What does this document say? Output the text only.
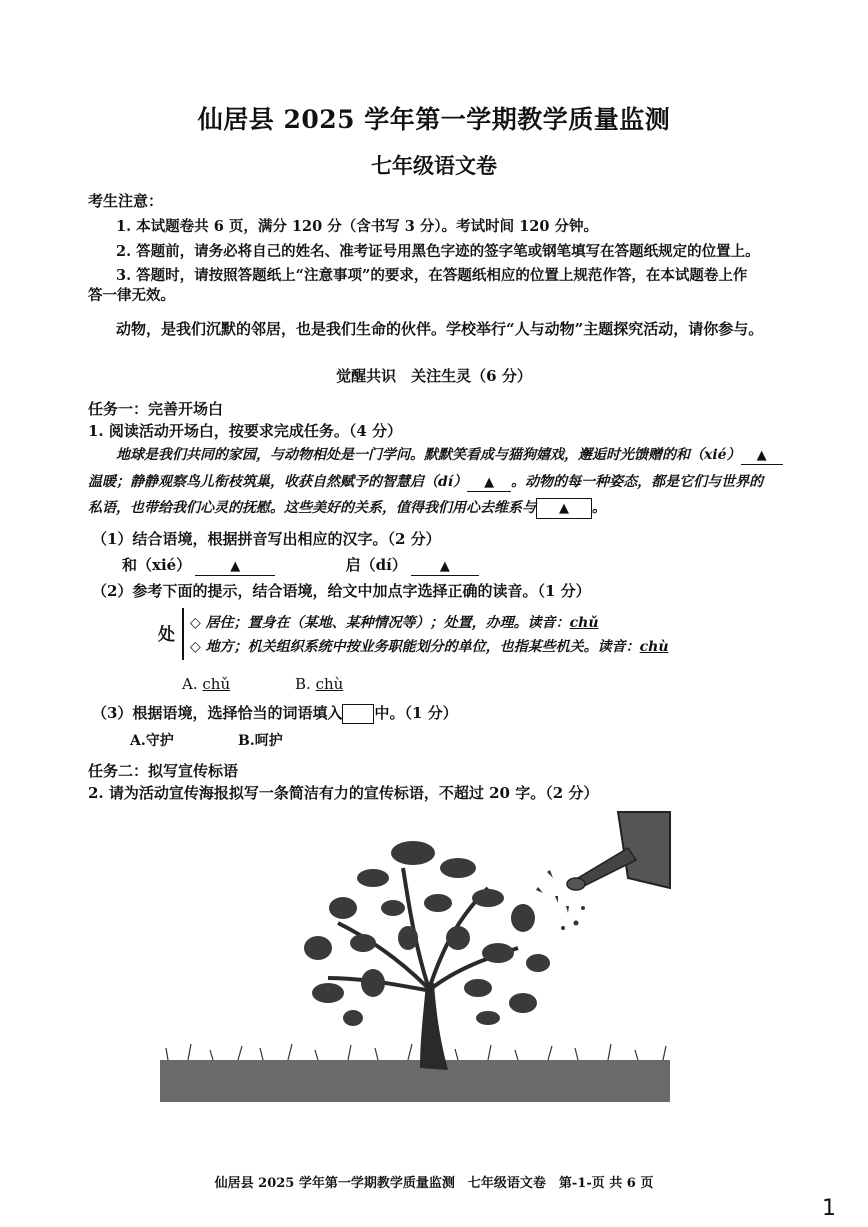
仙居县 2025 学年第一学期教学质量监测
七年级语文卷
考生注意：
1. 本试题卷共 6 页，满分 120 分（含书写 3 分）。考试时间 120 分钟。
2. 答题前，请务必将自己的姓名、准考证号用黑色字迹的签字笔或钢笔填写在答题纸规定的位置上。
3. 答题时，请按照答题纸上“注意事项”的要求，在答题纸相应的位置上规范作答，在本试题卷上作
答一律无效。
动物，是我们沉默的邻居，也是我们生命的伙伴。学校举行“人与动物”主题探究活动，请你参与。
觉醒共识　关注生灵（6 分）
任务一：完善开场白
1. 阅读活动开场白，按要求完成任务。（4 分）
地球是我们共同的家园，与动物相处是一门学问。默默笑看成与猫狗嬉戏，邂逅时光馈赠的和（xié） ▲
温暖；静静观察鸟儿衔枝筑巢，收获自然赋予的智慧启（dí） ▲ 。动物的每一种姿态，都是它们与世界的
私语，也带给我们心灵的抚慰。这些美好的关系，值得我们用心去维系与 ▲ 。
（1）结合语境，根据拼音写出相应的汉字。（2 分）
和（xié）	▲	启（dí）	▲
（2）参考下面的提示，结合语境，给文中加点字选择正确的读音。（1 分）
处
◇ 居住；置身在（某地、某种情况等）；处置，办理。读音：chǔ
◇ 地方；机关组织系统中按业务职能划分的单位，也指某些机关。读音：chù
A. chǔ	B. chù
（3）根据语境，选择恰当的词语填入 中。（1 分）
A.守护	B.呵护
任务二：拟写宣传标语
2. 请为活动宣传海报拟写一条简洁有力的宣传标语，不超过 20 字。（2 分）
仙居县 2025 学年第一学期教学质量监测　七年级语文卷　第-1-页 共 6 页
1
